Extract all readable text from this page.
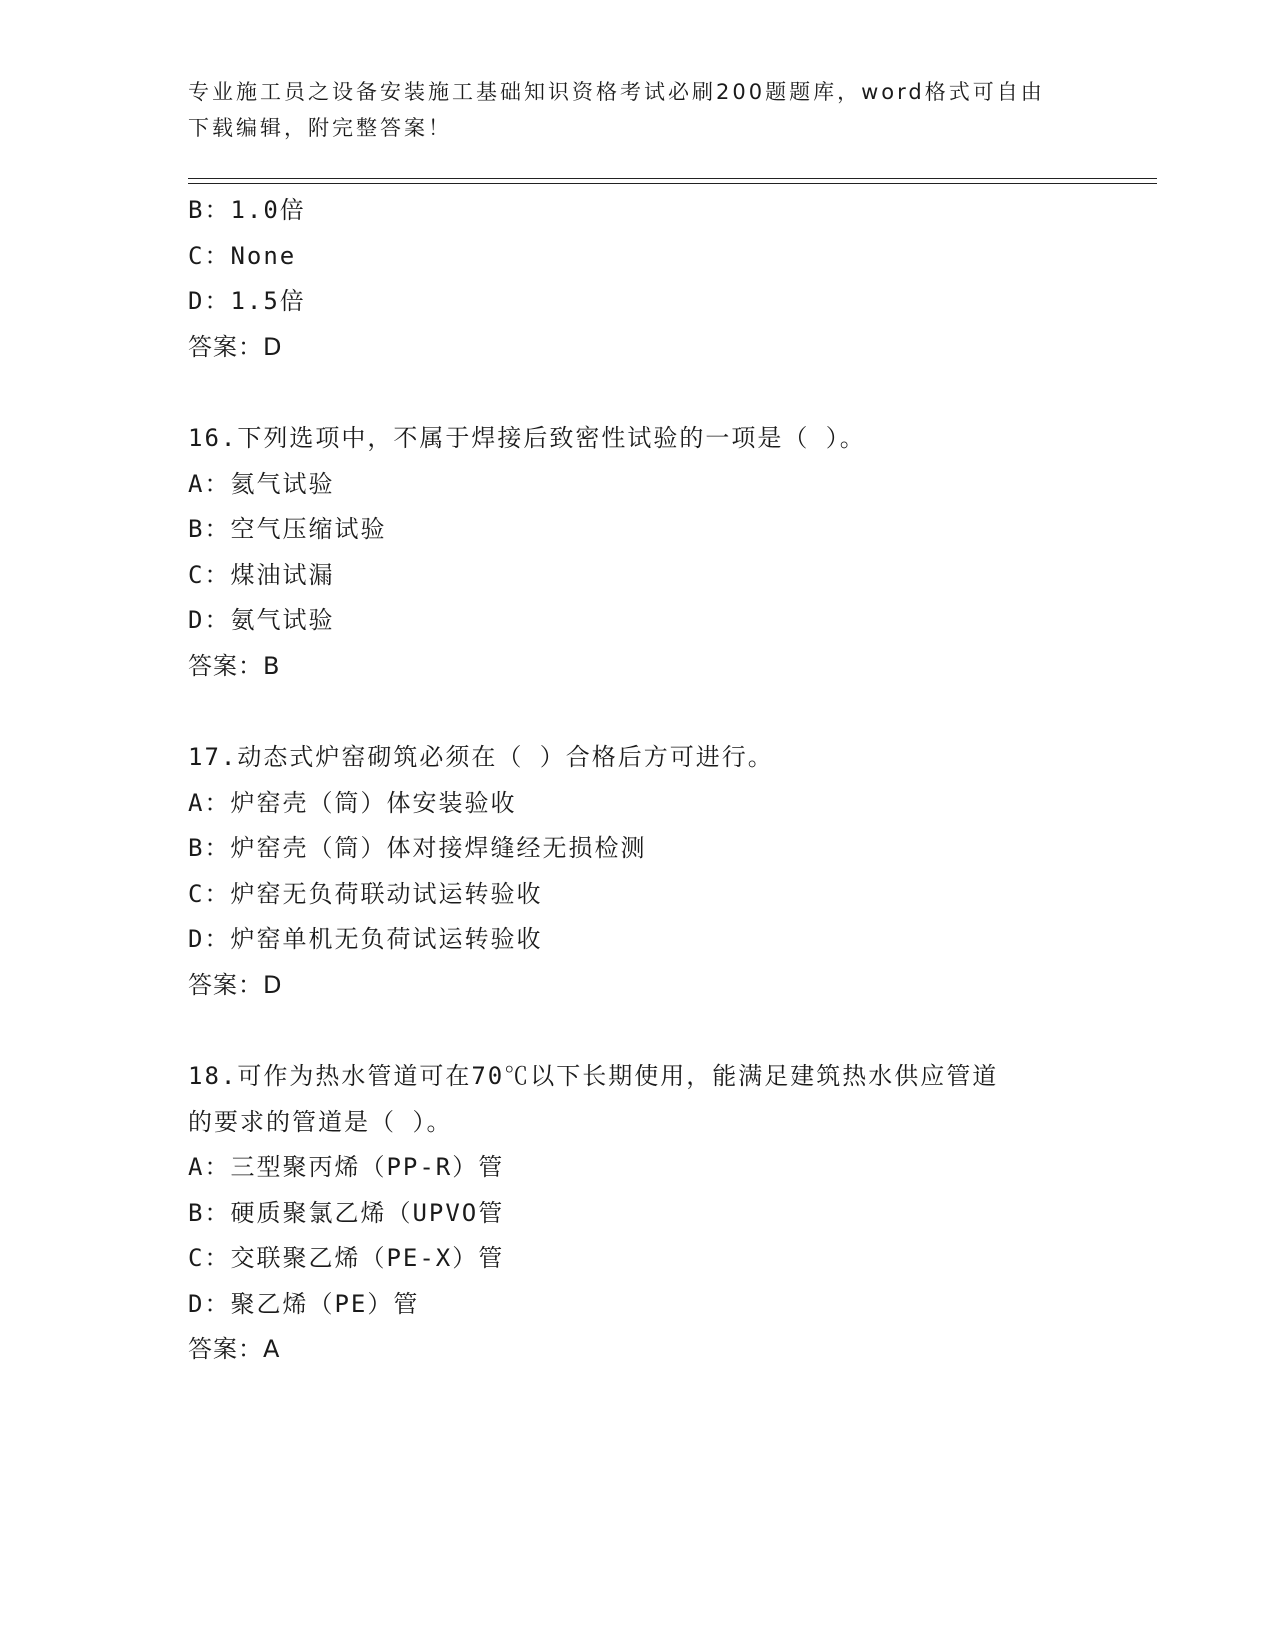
专业施工员之设备安装施工基础知识资格考试必刷200题题库，word格式可自由
下载编辑，附完整答案！
B：1.0倍
C：None
D：1.5倍
答案：D
16.下列选项中，不属于焊接后致密性试验的一项是（ ）。
A：氦气试验
B：空气压缩试验
C：煤油试漏
D：氨气试验
答案：B
17.动态式炉窑砌筑必须在（ ）合格后方可进行。
A：炉窑壳（筒）体安装验收
B：炉窑壳（筒）体对接焊缝经无损检测
C：炉窑无负荷联动试运转验收
D：炉窑单机无负荷试运转验收
答案：D
18.可作为热水管道可在70℃以下长期使用，能满足建筑热水供应管道
的要求的管道是（ ）。
A：三型聚丙烯（PP-R）管
B：硬质聚氯乙烯（UPVO管
C：交联聚乙烯（PE-X）管
D：聚乙烯（PE）管
答案：A
